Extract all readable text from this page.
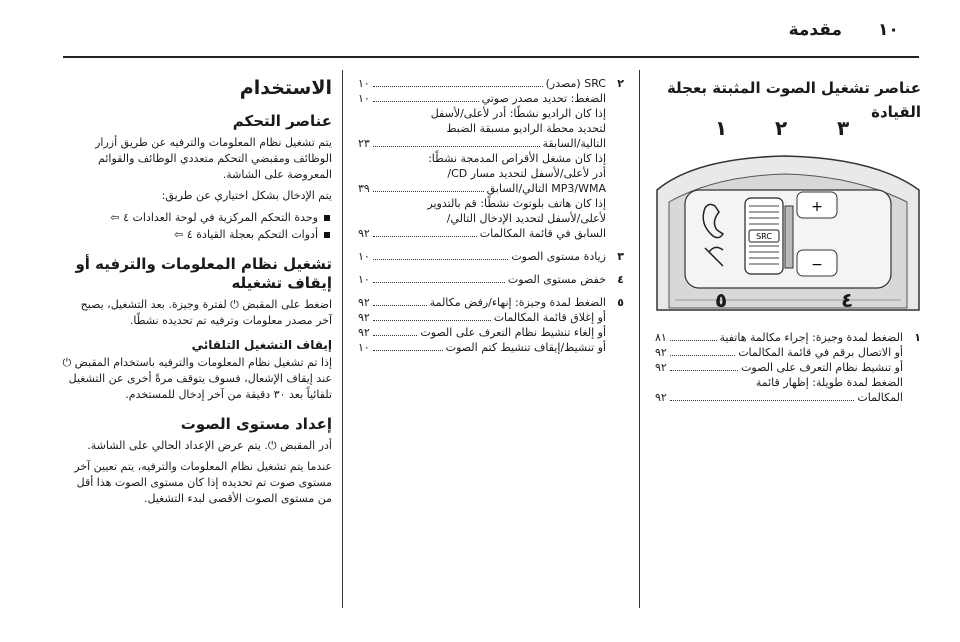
١٠
مقدمة
عناصر تشغيل الصوت المثبتة بعجلة القيادة
SRC
+
−
١ ٢ ٣
٥	٤
١
الضغط لمدة وجيزة: إجراء مكالمة هاتفية
٨١
أو الاتصال برقم في قائمة المكالمات
٩٢
أو تنشيط نظام التعرف على الصوت
٩٢
الضغط لمدة طويلة: إظهار قائمة
المكالمات
٩٢
٢
SRC (مصدر)
١٠
الضغط: تحديد مصدر صوتي
١٠
إذا كان الراديو نشطًا: أدر لأعلى/لأسفل
لتحديد محطة الراديو مسبقة الضبط
التالية/السابقة
٢٣
إذا كان مشغل الأقراص المدمجة نشطًا:
أدر لأعلى/لأسفل لتحديد مسار CD/
MP3/WMA التالي/السابق
٣٩
إذا كان هاتف بلوتوث نشطًا: قم بالتدوير
لأعلى/لأسفل لتحديد الإدخال التالي/
السابق في قائمة المكالمات
٩٢
٣
زيادة مستوى الصوت
١٠
٤
خفض مستوى الصوت
١٠
٥
الضغط لمدة وجيزة: إنهاء/رفض مكالمة
٩٢
أو إغلاق قائمة المكالمات
٩٢
أو إلغاء تنشيط نظام التعرف على الصوت
٩٢
أو تنشيط/إيقاف تنشيط كتم الصوت
١٠
الاستخدام
عناصر التحكم

يتم تشغيل نظام المعلومات والترفيه عن طريق أزرار الوظائف ومقبضي التحكم متعددي الوظائف والقوائم المعروضة على الشاشة.

يتم الإدخال بشكل اختياري عن طريق:

وحدة التحكم المركزية في لوحة العدادات ٤ ⇦
أدوات التحكم بعجلة القيادة ٤ ⇦
تشغيل نظام المعلومات والترفيه أو إيقاف تشغيله

اضغط على المقبض ⏻ لفترة وجيزة. بعد التشغيل، يصبح آخر مصدر معلومات وترفيه تم تحديده نشطًا.

إيقاف التشغيل التلقائي

إذا تم تشغيل نظام المعلومات والترفيه باستخدام المقبض ⏻ عند إيقاف الإشعال، فسوف يتوقف مرةً أخرى عن التشغيل تلقائياً بعد ٣٠ دقيقة من آخر إدخال للمستخدم.

إعداد مستوى الصوت

أدر المقبض ⏻. يتم عرض الإعداد الحالي على الشاشة.

عندما يتم تشغيل نظام المعلومات والترفيه، يتم تعيين آخر مستوى صوت تم تحديده إذا كان مستوى الصوت هذا أقل من مستوى الصوت الأقصى لبدء التشغيل.
